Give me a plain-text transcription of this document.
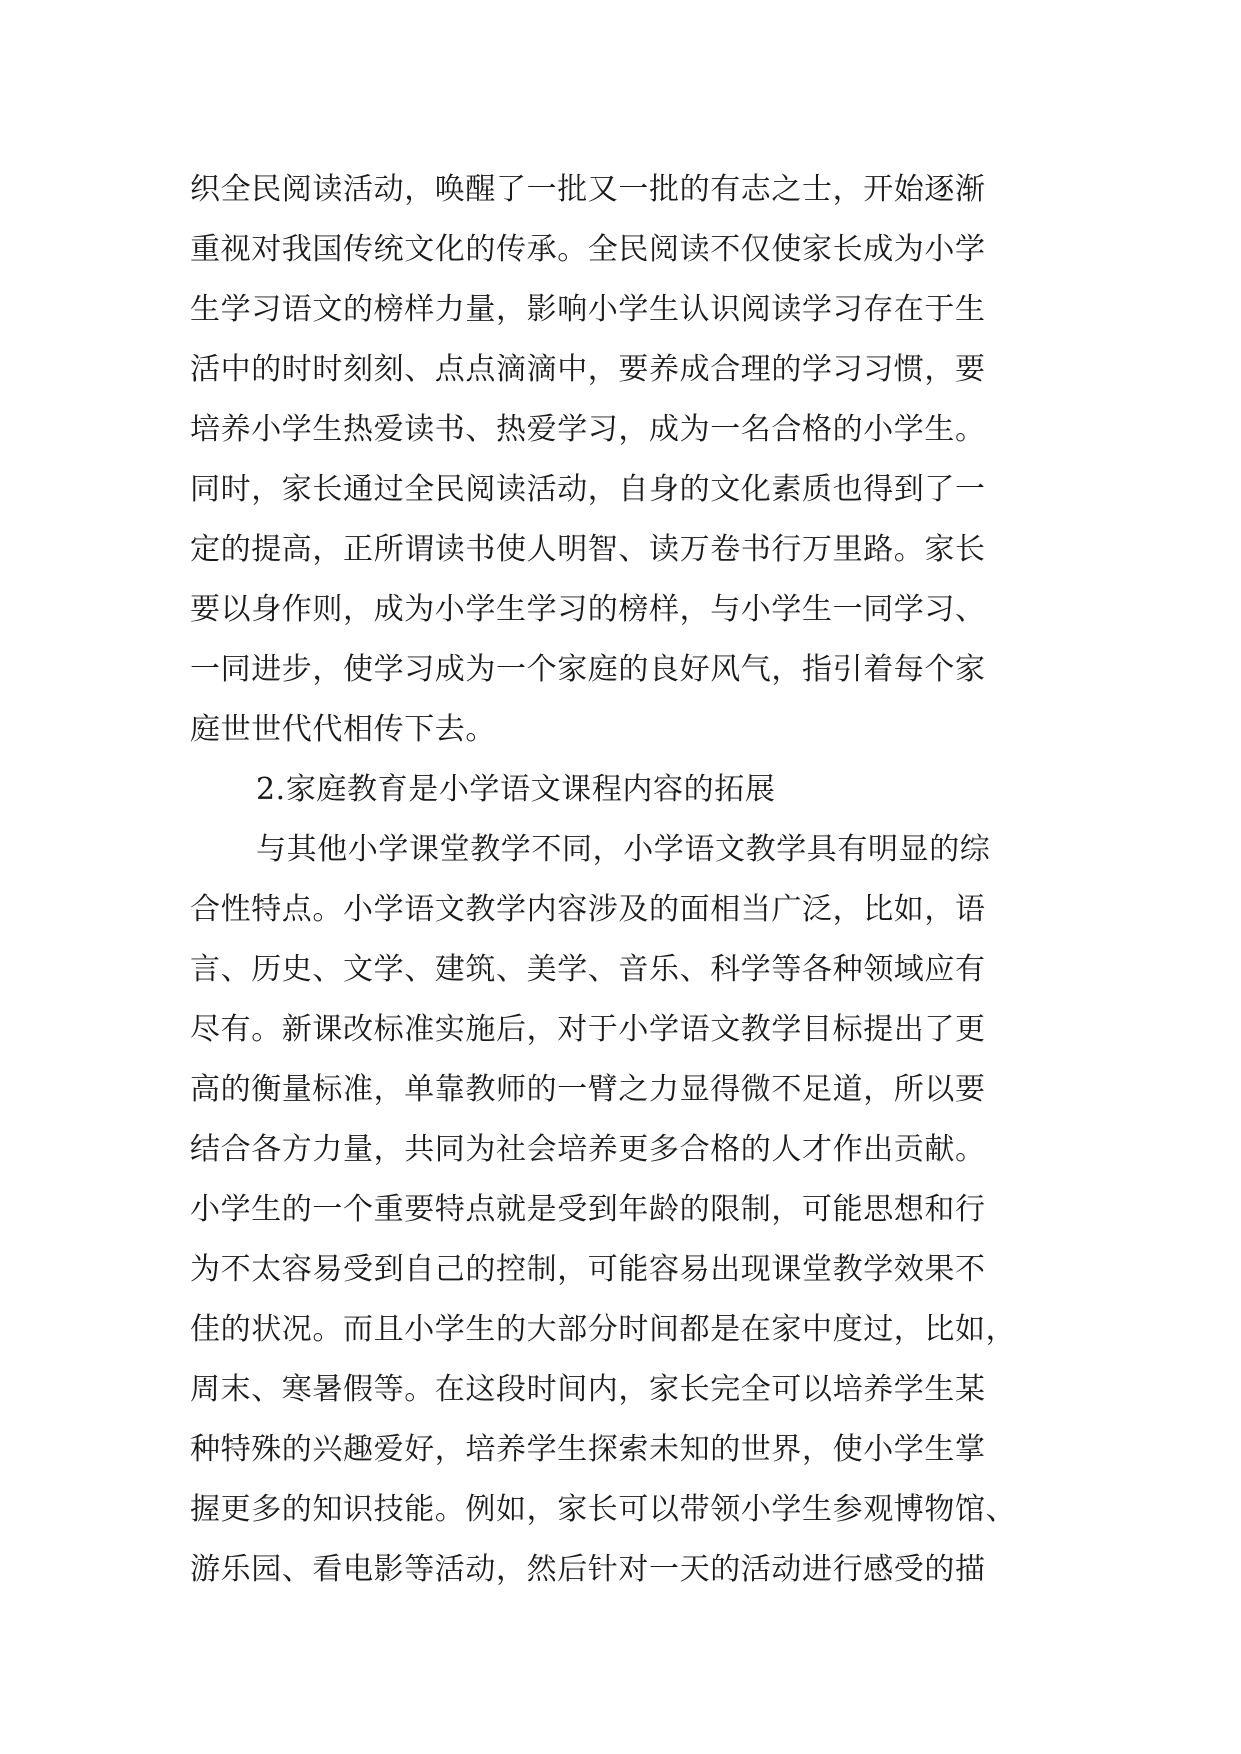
织全民阅读活动，唤醒了一批又一批的有志之士，开始逐渐
重视对我国传统文化的传承。全民阅读不仅使家长成为小学
生学习语文的榜样力量，影响小学生认识阅读学习存在于生
活中的时时刻刻、点点滴滴中，要养成合理的学习习惯，要
培养小学生热爱读书、热爱学习，成为一名合格的小学生。
同时，家长通过全民阅读活动，自身的文化素质也得到了一
定的提高，正所谓读书使人明智、读万卷书行万里路。家长
要以身作则，成为小学生学习的榜样，与小学生一同学习、
一同进步，使学习成为一个家庭的良好风气，指引着每个家
庭世世代代相传下去。
2.家庭教育是小学语文课程内容的拓展
与其他小学课堂教学不同，小学语文教学具有明显的综
合性特点。小学语文教学内容涉及的面相当广泛，比如，语
言、历史、文学、建筑、美学、音乐、科学等各种领域应有
尽有。新课改标准实施后，对于小学语文教学目标提出了更
高的衡量标准，单靠教师的一臂之力显得微不足道，所以要
结合各方力量，共同为社会培养更多合格的人才作出贡献。
小学生的一个重要特点就是受到年龄的限制，可能思想和行
为不太容易受到自己的控制，可能容易出现课堂教学效果不
佳的状况。而且小学生的大部分时间都是在家中度过，比如，
周末、寒暑假等。在这段时间内，家长完全可以培养学生某
种特殊的兴趣爱好，培养学生探索未知的世界，使小学生掌
握更多的知识技能。例如，家长可以带领小学生参观博物馆、
游乐园、看电影等活动，然后针对一天的活动进行感受的描
